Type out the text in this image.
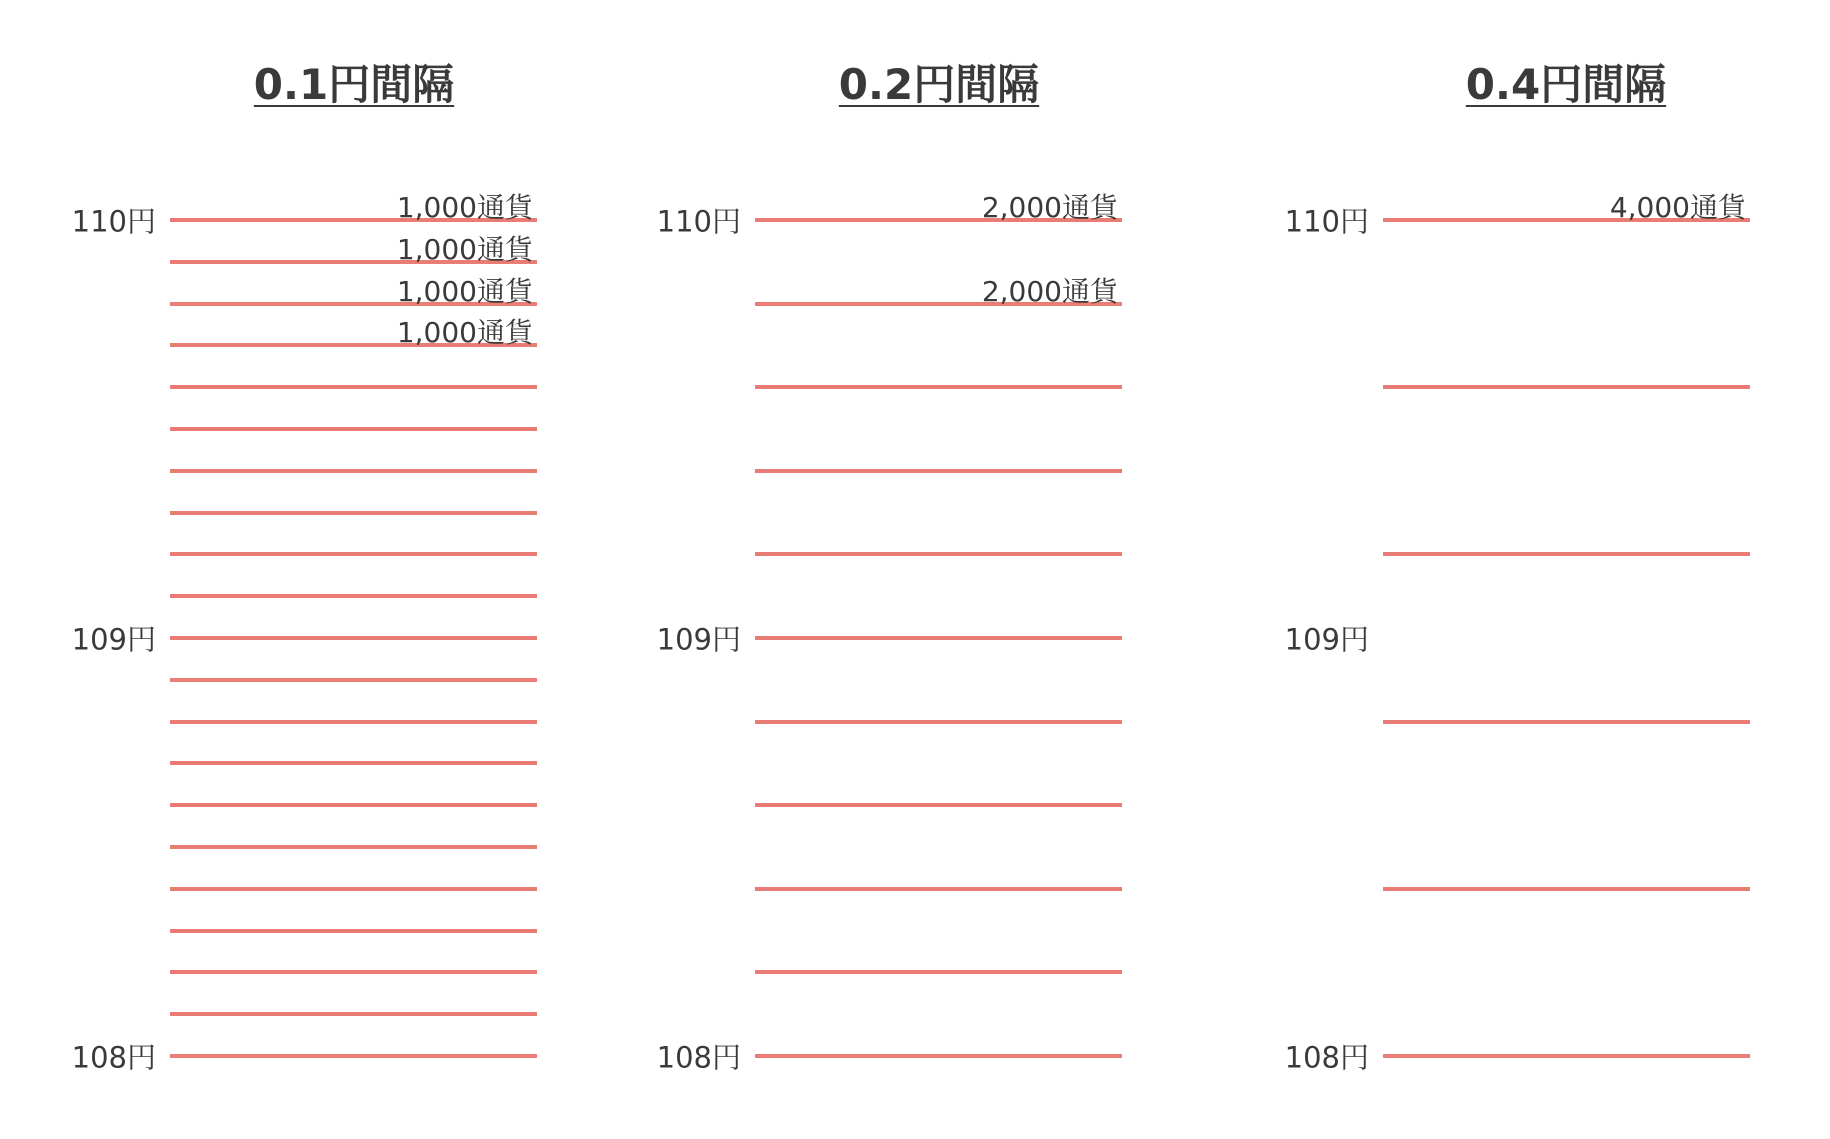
0.1円間隔
110円
109円
108円
1,000通貨
1,000通貨
1,000通貨
1,000通貨
0.2円間隔
110円
109円
108円
2,000通貨
2,000通貨
0.4円間隔
110円
109円
108円
4,000通貨
